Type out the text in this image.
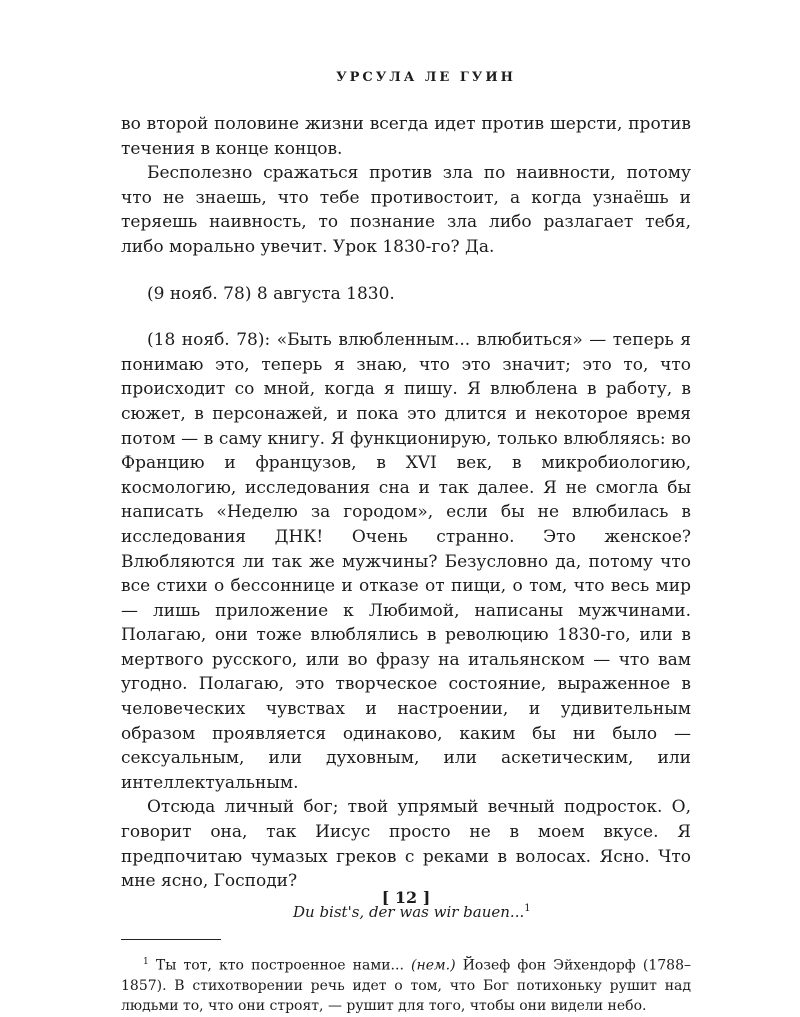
УРСУЛА ЛЕ ГУИН

во второй половине жизни всегда идет против шерсти, против течения в конце концов.

Бесполезно сражаться против зла по наивности, потому что не знаешь, что тебе противостоит, а когда узнаёшь и теряешь наивность, то познание зла либо разлагает тебя, либо морально увечит. Урок 1830-го? Да.

(9 нояб. 78) 8 августа 1830.

(18 нояб. 78): «Быть влюбленным... влюбиться» — теперь я понимаю это, теперь я знаю, что это значит; это то, что происходит со мной, когда я пишу. Я влюблена в работу, в сюжет, в персонажей, и пока это длится и некоторое время потом — в саму книгу. Я функционирую, только влюбляясь: во Францию и французов, в XVI век, в микробиологию, космологию, исследования сна и так далее. Я не смогла бы написать «Неделю за городом», если бы не влюбилась в исследования ДНК! Очень странно. Это женское? Влюбляются ли так же мужчины? Безусловно да, потому что все стихи о бессоннице и отказе от пищи, о том, что весь мир — лишь приложение к Любимой, написаны мужчинами. Полагаю, они тоже влюблялись в революцию 1830-го, или в мертвого русского, или во фразу на итальянском — что вам угодно. Полагаю, это творческое состояние, выраженное в человеческих чувствах и настроении, и удивительным образом проявляется одинаково, каким бы ни было — сексуальным, или духовным, или аскетическим, или интеллектуальным.

Отсюда личный бог; твой упрямый вечный подросток. О, говорит она, так Иисус просто не в моем вкусе. Я предпочитаю чумазых греков с реками в волосах. Ясно. Что мне ясно, Господи?

Du bist's, der was wir bauen...$^1$
$^1$ Ты тот, кто построенное нами... (нем.) Йозеф фон Эйхендорф (1788–1857). В стихотворении речь идет о том, что Бог потихоньку рушит над людьми то, что они строят, — рушит для того, чтобы они видели небо.
[ 12 ]
